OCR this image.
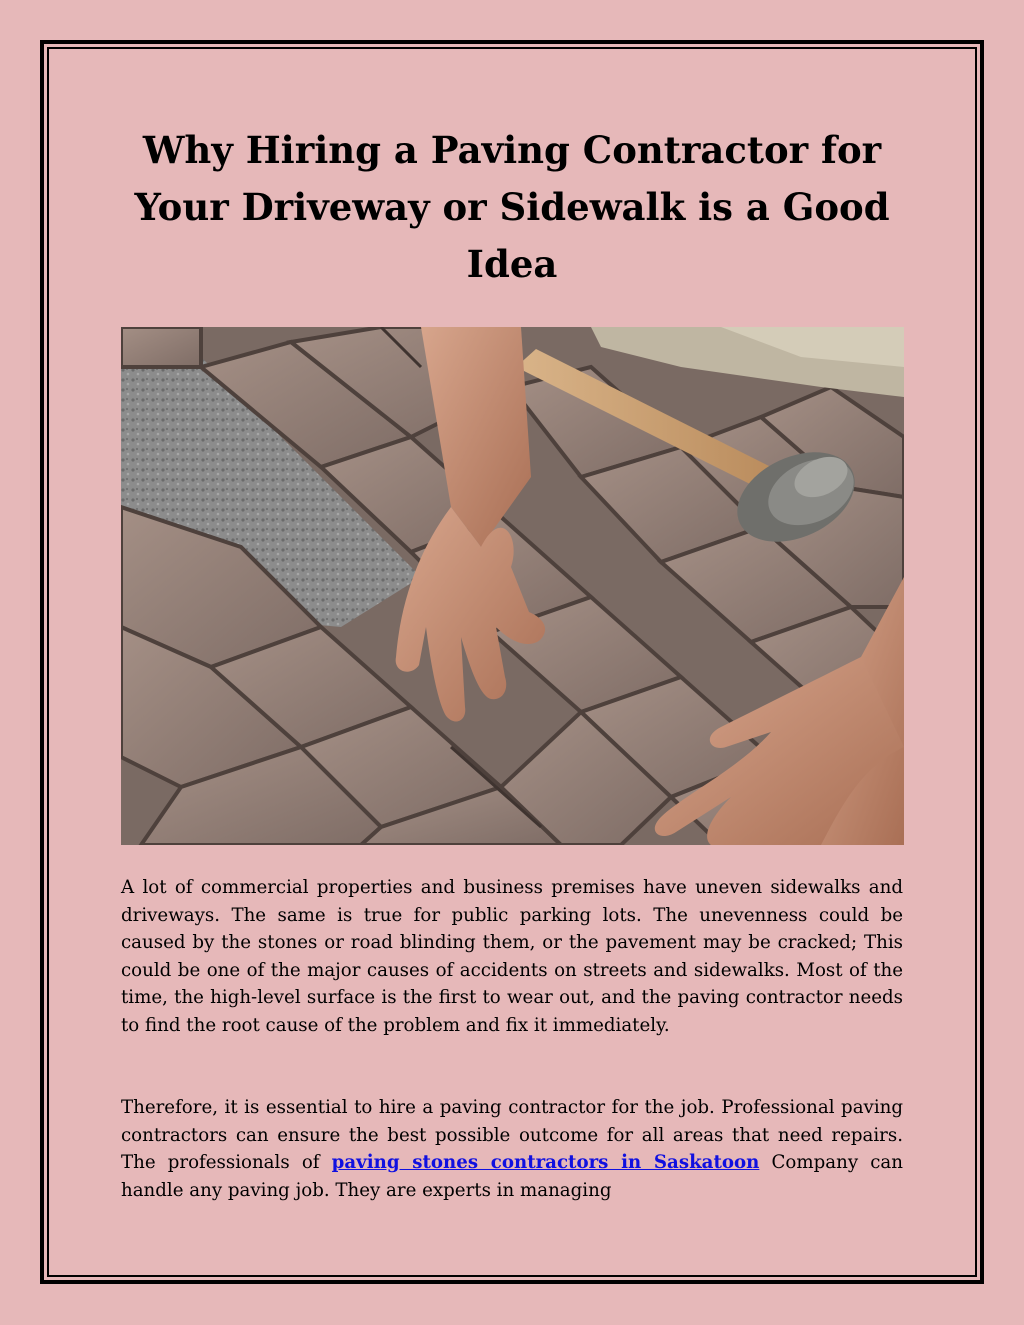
Why Hiring a Paving Contractor for Your Driveway or Sidewalk is a Good Idea

A lot of commercial properties and business premises have uneven sidewalks and driveways. The same is true for public parking lots. The unevenness could be caused by the stones or road blinding them, or the pavement may be cracked; This could be one of the major causes of accidents on streets and sidewalks. Most of the time, the high-level surface is the first to wear out, and the paving contractor needs to find the root cause of the problem and fix it immediately.

Therefore, it is essential to hire a paving contractor for the job. Professional paving contractors can ensure the best possible outcome for all areas that need repairs. The professionals of paving stones contractors in Saskatoon Company can handle any paving job. They are experts in managing
